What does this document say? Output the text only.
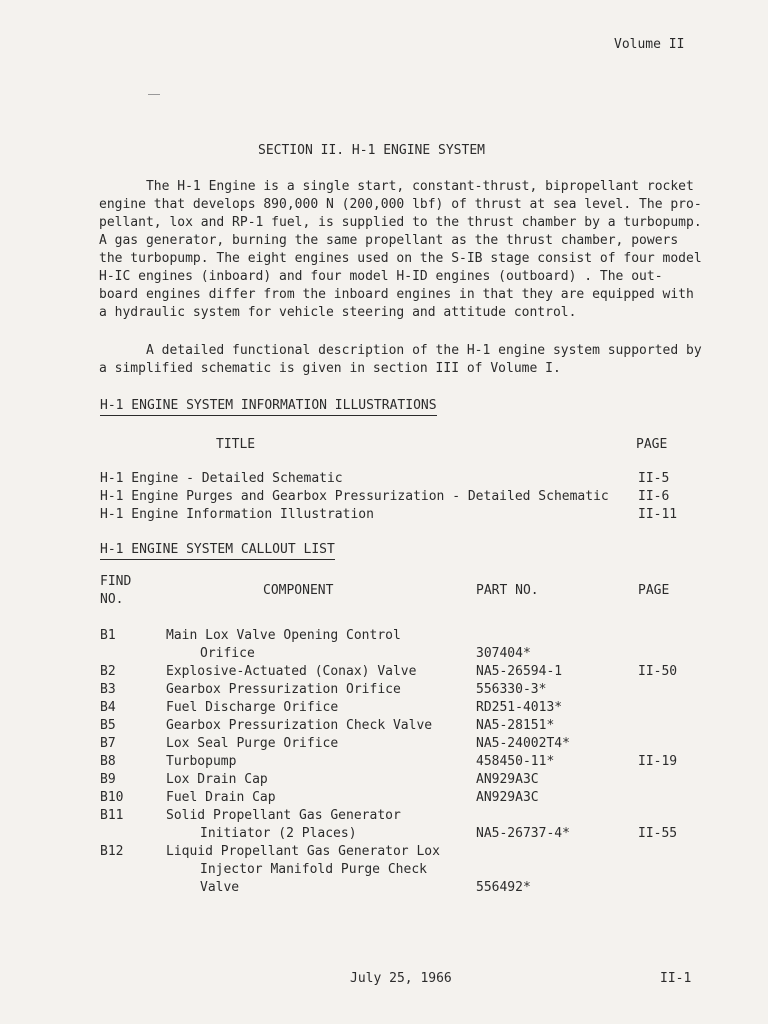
Volume II
SECTION II. H-1 ENGINE SYSTEM
The H-1 Engine is a single start, constant-thrust, bipropellant rocket
engine that develops 890,000 N (200,000 lbf) of thrust at sea level. The pro-
pellant, lox and RP-1 fuel, is supplied to the thrust chamber by a turbopump.
A gas generator, burning the same propellant as the thrust chamber, powers
the turbopump. The eight engines used on the S-IB stage consist of four model
H-IC engines (inboard) and four model H-ID engines (outboard) . The out-
board engines differ from the inboard engines in that they are equipped with
a hydraulic system for vehicle steering and attitude control.
A detailed functional description of the H-1 engine system supported by
a simplified schematic is given in section III of Volume I.
H-1 ENGINE SYSTEM INFORMATION ILLUSTRATIONS
TITLE	PAGE
H-1 Engine - Detailed Schematic	II-5
H-1 Engine Purges and Gearbox Pressurization - Detailed Schematic II-6
H-1 Engine Information Illustration	II-11
H-1 ENGINE SYSTEM CALLOUT LIST
FIND
NO.
COMPONENT	PART NO.	PAGE
B1	Main Lox Valve Opening Control
Orifice	307404*
B2	Explosive-Actuated (Conax) Valve	NA5-26594-1	II-50
B3	Gearbox Pressurization Orifice	556330-3*
B4	Fuel Discharge Orifice	RD251-4013*
B5	Gearbox Pressurization Check Valve	NA5-28151*
B7	Lox Seal Purge Orifice	NA5-24002T4*
B8	Turbopump	458450-11*	II-19
B9	Lox Drain Cap	AN929A3C
B10	Fuel Drain Cap	AN929A3C
B11	Solid Propellant Gas Generator
Initiator (2 Places)	NA5-26737-4*	II-55
B12	Liquid Propellant Gas Generator Lox
Injector Manifold Purge Check
Valve	556492*
July 25, 1966	II-1
